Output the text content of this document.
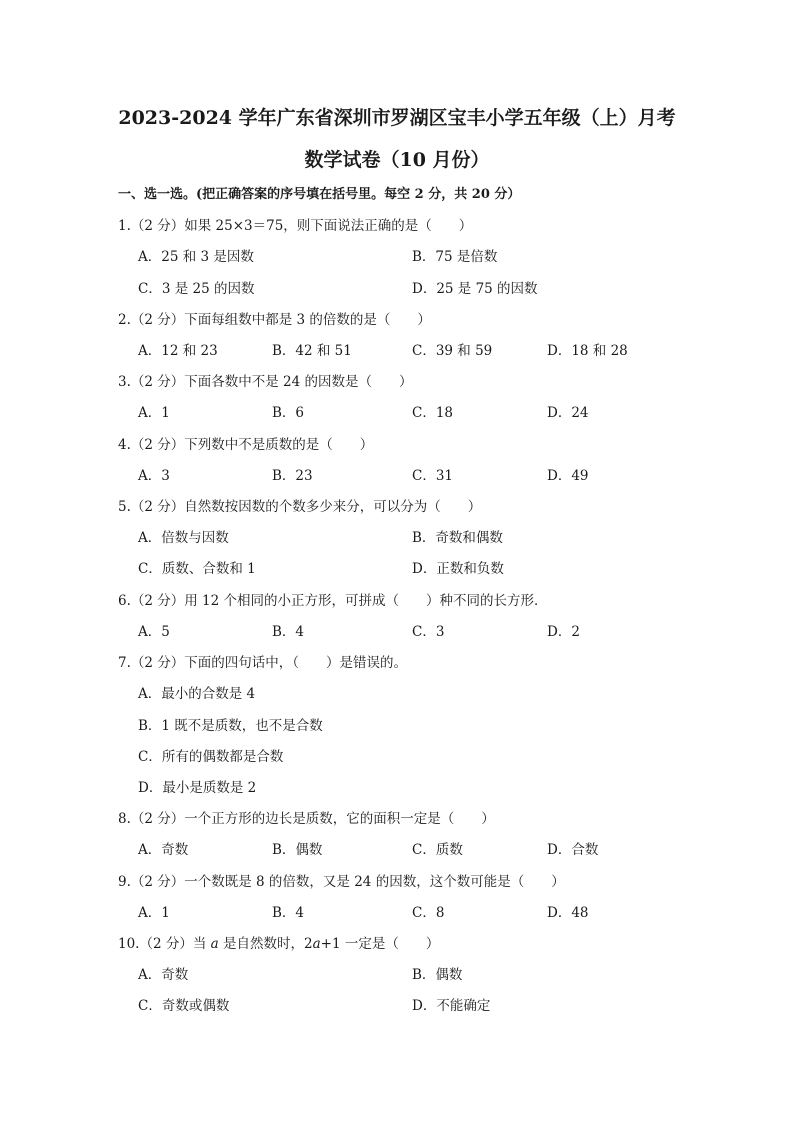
2023-2024 学年广东省深圳市罗湖区宝丰小学五年级（上）月考
数学试卷（10 月份）
一、选一选。(把正确答案的序号填在括号里。每空 2 分，共 20 分）
1.（2 分）如果 25×3＝75，则下面说法正确的是（　　）
A．25 和 3 是因数	B．75 是倍数
C．3 是 25 的因数	D．25 是 75 的因数
2.（2 分）下面每组数中都是 3 的倍数的是（　　）
A．12 和 23	B．42 和 51	C．39 和 59	D．18 和 28
3.（2 分）下面各数中不是 24 的因数是（　　）
A．1	B．6	C．18	D．24
4.（2 分）下列数中不是质数的是（　　）
A．3	B．23	C．31	D．49
5.（2 分）自然数按因数的个数多少来分，可以分为（　　）
A．倍数与因数	B．奇数和偶数
C．质数、合数和 1	D．正数和负数
6.（2 分）用 12 个相同的小正方形，可拼成（　　）种不同的长方形．
A．5	B．4	C．3	D．2
7.（2 分）下面的四句话中，（　　）是错误的。
A．最小的合数是 4
B．1 既不是质数，也不是合数
C．所有的偶数都是合数
D．最小是质数是 2
8.（2 分）一个正方形的边长是质数，它的面积一定是（　　）
A．奇数	B．偶数	C．质数	D．合数
9.（2 分）一个数既是 8 的倍数，又是 24 的因数，这个数可能是（　　）
A．1	B．4	C．8	D．48
10.（2 分）当 a 是自然数时，2a+1 一定是（　　）
A．奇数	B．偶数
C．奇数或偶数	D．不能确定
